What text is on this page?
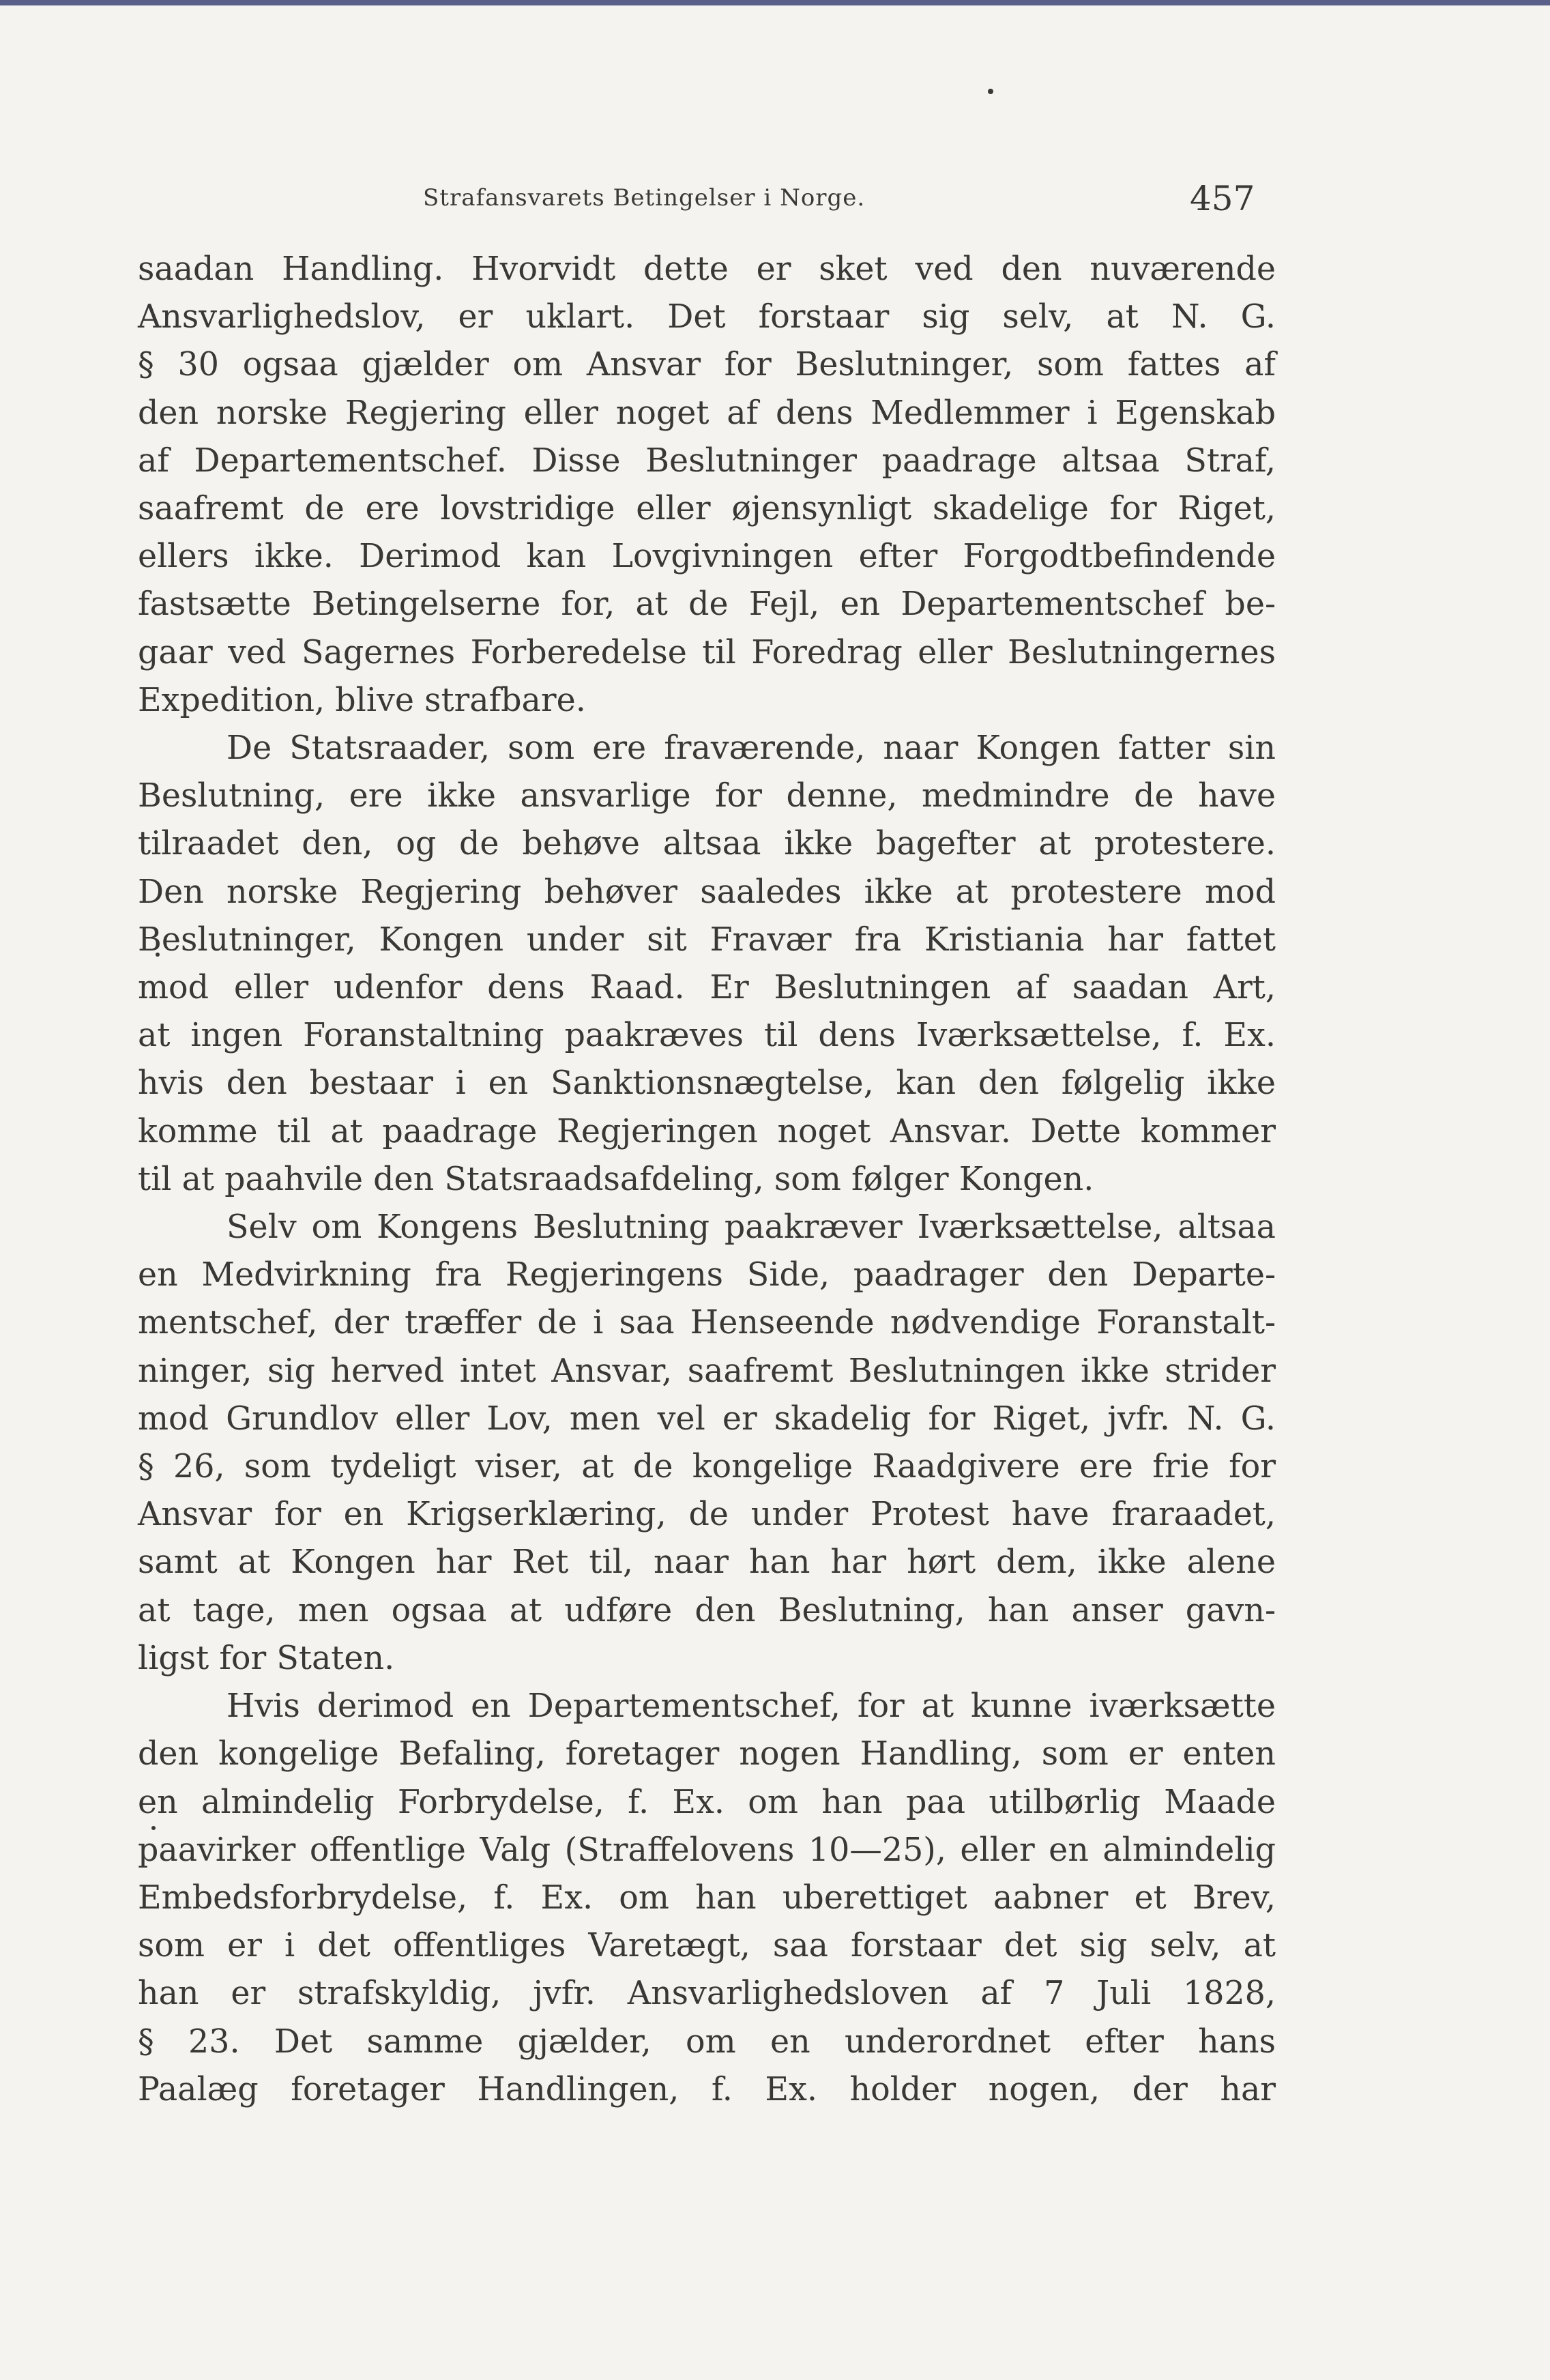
Strafansvarets Betingelser i Norge.	457
saadan Handling. Hvorvidt dette er sket ved den nuværende
Ansvarlighedslov, er uklart. Det forstaar sig selv, at N. G.
§ 30 ogsaa gjælder om Ansvar for Beslutninger, som fattes af
den norske Regjering eller noget af dens Medlemmer i Egenskab
af Departementschef. Disse Beslutninger paadrage altsaa Straf,
saafremt de ere lovstridige eller øjensynligt skadelige for Riget,
ellers ikke. Derimod kan Lovgivningen efter Forgodtbefindende
fastsætte Betingelserne for, at de Fejl, en Departementschef be-
gaar ved Sagernes Forberedelse til Foredrag eller Beslutningernes
Expedition, blive strafbare.
De Statsraader, som ere fraværende, naar Kongen fatter sin
Beslutning, ere ikke ansvarlige for denne, medmindre de have
tilraadet den, og de behøve altsaa ikke bagefter at protestere.
Den norske Regjering behøver saaledes ikke at protestere mod
Beslutninger, Kongen under sit Fravær fra Kristiania har fattet
mod eller udenfor dens Raad. Er Beslutningen af saadan Art,
at ingen Foranstaltning paakræves til dens Iværksættelse, f. Ex.
hvis den bestaar i en Sanktionsnægtelse, kan den følgelig ikke
komme til at paadrage Regjeringen noget Ansvar. Dette kommer
til at paahvile den Statsraadsafdeling, som følger Kongen.
Selv om Kongens Beslutning paakræver Iværksættelse, altsaa
en Medvirkning fra Regjeringens Side, paadrager den Departe-
mentschef, der træffer de i saa Henseende nødvendige Foranstalt-
ninger, sig herved intet Ansvar, saafremt Beslutningen ikke strider
mod Grundlov eller Lov, men vel er skadelig for Riget, jvfr. N. G.
§ 26, som tydeligt viser, at de kongelige Raadgivere ere frie for
Ansvar for en Krigserklæring, de under Protest have fraraadet,
samt at Kongen har Ret til, naar han har hørt dem, ikke alene
at tage, men ogsaa at udføre den Beslutning, han anser gavn-
ligst for Staten.
Hvis derimod en Departementschef, for at kunne iværksætte
den kongelige Befaling, foretager nogen Handling, som er enten
en almindelig Forbrydelse, f. Ex. om han paa utilbørlig Maade
paavirker offentlige Valg (Straffelovens 10—25), eller en almindelig
Embedsforbrydelse, f. Ex. om han uberettiget aabner et Brev,
som er i det offentliges Varetægt, saa forstaar det sig selv, at
han er strafskyldig, jvfr. Ansvarlighedsloven af 7 Juli 1828,
§ 23. Det samme gjælder, om en underordnet efter hans
Paalæg foretager Handlingen, f. Ex. holder nogen, der har
